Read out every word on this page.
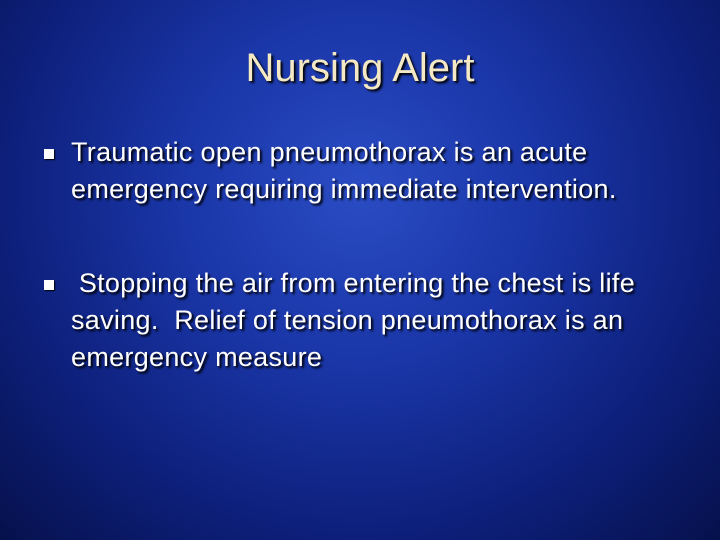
Nursing Alert
Traumatic open pneumothorax is an acute emergency requiring immediate intervention.
Stopping the air from entering the chest is life saving.  Relief of tension pneumothorax is an emergency measure
